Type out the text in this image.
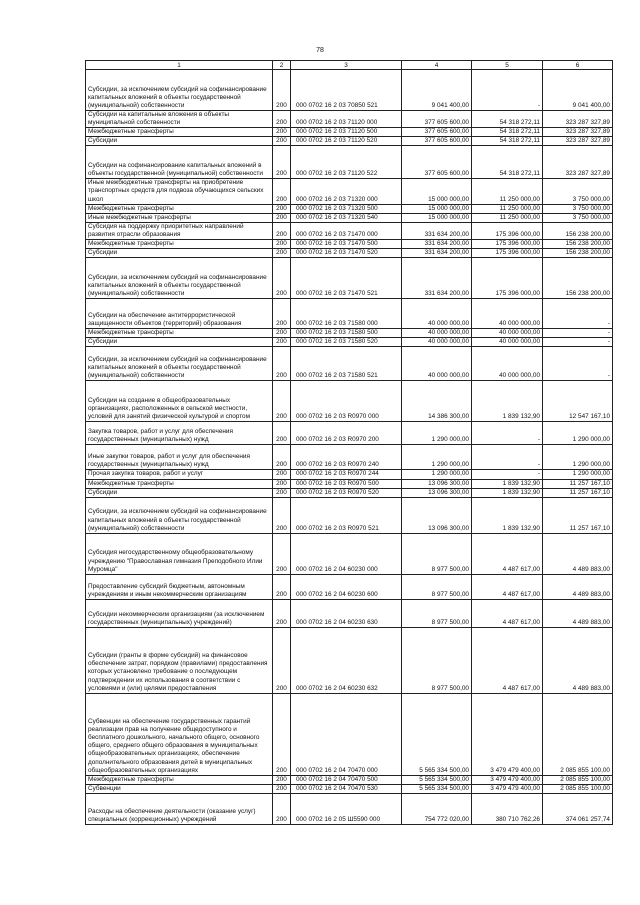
78
1	2	3	4	5	6
Субсидии, за исключением субсидий на софинансирование капитальных вложений в объекты государственной (муниципальной) собственности	200	000 0702 16 2 03 70850 521	9 041 400,00	-	9 041 400,00
Субсидии на капитальные вложения в объекты муниципальной собственности	200	000 0702 16 2 03 71120 000	377 605 600,00	54 318 272,11	323 287 327,89
Межбюджетные трансферты	200	000 0702 16 2 03 71120 500	377 605 600,00	54 318 272,11	323 287 327,89
Субсидии	200	000 0702 16 2 03 71120 520	377 605 600,00	54 318 272,11	323 287 327,89
Субсидии на софинансирование капитальных вложений в объекты государственной (муниципальной) собственности	200	000 0702 16 2 03 71120 522	377 605 600,00	54 318 272,11	323 287 327,89
Иные межбюджетные трансферты на приобретение транспортных средств для подвоза обучающихся сельских школ	200	000 0702 16 2 03 71320 000	15 000 000,00	11 250 000,00	3 750 000,00
Межбюджетные трансферты	200	000 0702 16 2 03 71320 500	15 000 000,00	11 250 000,00	3 750 000,00
Иные межбюджетные трансферты	200	000 0702 16 2 03 71320 540	15 000 000,00	11 250 000,00	3 750 000,00
Субсидия на поддержку приоритетных направлений развития отрасли образования	200	000 0702 16 2 03 71470 000	331 634 200,00	175 396 000,00	156 238 200,00
Межбюджетные трансферты	200	000 0702 16 2 03 71470 500	331 634 200,00	175 396 000,00	156 238 200,00
Субсидии	200	000 0702 16 2 03 71470 520	331 634 200,00	175 396 000,00	156 238 200,00
Субсидии, за исключением субсидий на софинансирование капитальных вложений в объекты государственной (муниципальной) собственности	200	000 0702 16 2 03 71470 521	331 634 200,00	175 396 000,00	156 238 200,00
Субсидии на обеспечение антитеррористической защищенности объектов (территорий) образования	200	000 0702 16 2 03 71580 000	40 000 000,00	40 000 000,00	-
Межбюджетные трансферты	200	000 0702 16 2 03 71580 500	40 000 000,00	40 000 000,00	-
Субсидии	200	000 0702 16 2 03 71580 520	40 000 000,00	40 000 000,00	-
Субсидии, за исключением субсидий на софинансирование капитальных вложений в объекты государственной (муниципальной) собственности	200	000 0702 16 2 03 71580 521	40 000 000,00	40 000 000,00	-
Субсидии на создание в общеобразовательных организациях, расположенных в сельской местности, условий для занятий физической культурой и спортом	200	000 0702 16 2 03 R0970 000	14 386 300,00	1 839 132,90	12 547 167,10
Закупка товаров, работ и услуг для обеспечения государственных (муниципальных) нужд	200	000 0702 16 2 03 R0970 200	1 290 000,00	-	1 290 000,00
Иные закупки товаров, работ и услуг для обеспечения государственных (муниципальных) нужд	200	000 0702 16 2 03 R0970 240	1 290 000,00	-	1 290 000,00
Прочая закупка товаров, работ и услуг	200	000 0702 16 2 03 R0970 244	1 290 000,00	-	1 290 000,00
Межбюджетные трансферты	200	000 0702 16 2 03 R0970 500	13 096 300,00	1 839 132,90	11 257 167,10
Субсидии	200	000 0702 16 2 03 R0970 520	13 096 300,00	1 839 132,90	11 257 167,10
Субсидии, за исключением субсидий на софинансирование капитальных вложений в объекты государственной (муниципальной) собственности	200	000 0702 16 2 03 R0970 521	13 096 300,00	1 839 132,90	11 257 167,10
Субсидия негосударственному общеобразовательному учреждению "Православная гимназия Преподобного Илии Муромца"	200	000 0702 16 2 04 60230 000	8 977 500,00	4 487 617,00	4 489 883,00
Предоставление субсидий бюджетным, автономным учреждениям и иным некоммерческим организациям	200	000 0702 16 2 04 60230 600	8 977 500,00	4 487 617,00	4 489 883,00
Субсидии некоммерческим организациям (за исключением государственных (муниципальных) учреждений)	200	000 0702 16 2 04 60230 630	8 977 500,00	4 487 617,00	4 489 883,00
Субсидии (гранты в форме субсидий) на финансовое обеспечение затрат, порядком (правилами) предоставления которых установлено требование о последующем подтверждении их использования в соответствии с условиями и (или) целями предоставления	200	000 0702 16 2 04 60230 632	8 977 500,00	4 487 617,00	4 489 883,00
Субвенции на обеспечение государственных гарантий реализации прав на получение общедоступного и бесплатного дошкольного, начального общего, основного общего, среднего общего образования в муниципальных общеобразовательных организациях, обеспечение дополнительного образования детей в муниципальных общеобразовательных организациях	200	000 0702 16 2 04 70470 000	5 565 334 500,00	3 479 479 400,00	2 085 855 100,00
Межбюджетные трансферты	200	000 0702 16 2 04 70470 500	5 565 334 500,00	3 479 479 400,00	2 085 855 100,00
Субвенции	200	000 0702 16 2 04 70470 530	5 565 334 500,00	3 479 479 400,00	2 085 855 100,00
Расходы на обеспечение деятельности (оказание услуг) специальных (коррекционных) учреждений	200	000 0702 16 2 05 Ш5590 000	754 772 020,00	380 710 762,26	374 061 257,74
